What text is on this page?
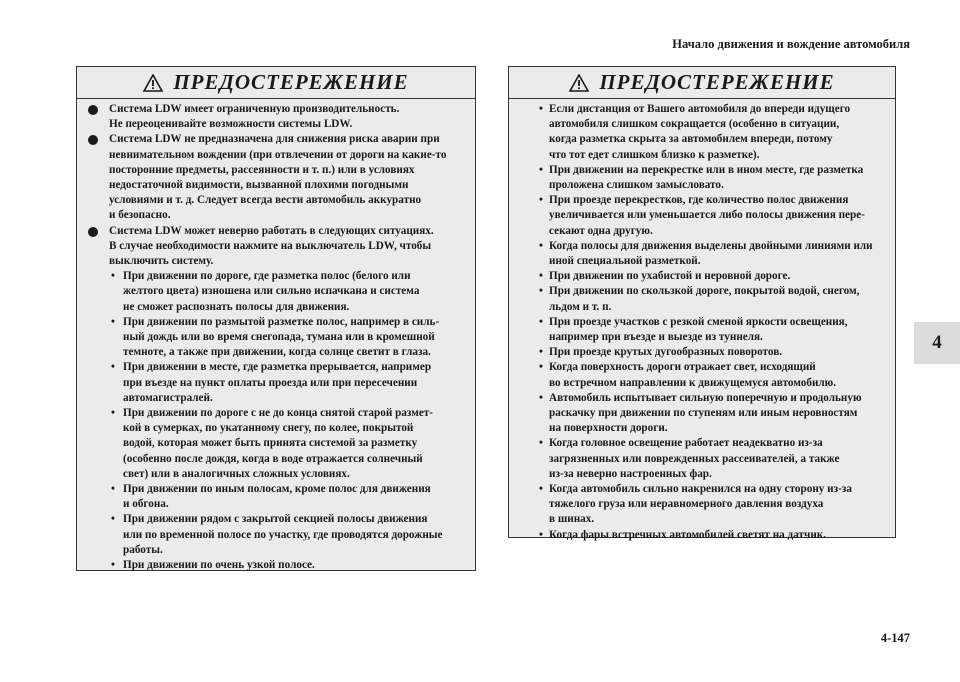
Начало движения и вождение автомобиля
4
4-147
ПРЕДОСТЕРЕЖЕНИЕ
Система LDW имеет ограниченную производительность.
Не переоценивайте возможности системы LDW.
Система LDW не предназначена для снижения риска аварии при
невнимательном вождении (при отвлечении от дороги на какие-то
посторонние предметы, рассеянности и т. п.) или в условиях
недостаточной видимости, вызванной плохими погодными
условиями и т. д. Следует всегда вести автомобиль аккуратно
и безопасно.
Система LDW может неверно работать в следующих ситуациях.
В случае необходимости нажмите на выключатель LDW, чтобы
выключить систему.
• При движении по дороге, где разметка полос (белого или
желтого цвета) изношена или сильно испачкана и система
не сможет распознать полосы для движения.
• При движении по размытой разметке полос, например в силь-
ный дождь или во время снегопада, тумана или в кромешной
темноте, а также при движении, когда солнце светит в глаза.
• При движении в месте, где разметка прерывается, например
при въезде на пункт оплаты проезда или при пересечении
автомагистралей.
• При движении по дороге с не до конца снятой старой размет-
кой в сумерках, по укатанному снегу, по колее, покрытой
водой, которая может быть принята системой за разметку
(особенно после дождя, когда в воде отражается солнечный
свет) или в аналогичных сложных условиях.
• При движении по иным полосам, кроме полос для движения
и обгона.
• При движении рядом с закрытой секцией полосы движения
или по временной полосе по участку, где проводятся дорожные
работы.
• При движении по очень узкой полосе.
ПРЕДОСТЕРЕЖЕНИЕ
• Если дистанция от Вашего автомобиля до впереди идущего
автомобиля слишком сокращается (особенно в ситуации,
когда разметка скрыта за автомобилем впереди, потому
что тот едет слишком близко к разметке).
• При движении на перекрестке или в ином месте, где разметка
проложена слишком замысловато.
• При проезде перекрестков, где количество полос движения
увеличивается или уменьшается либо полосы движения пере-
секают одна другую.
• Когда полосы для движения выделены двойными линиями или
иной специальной разметкой.
• При движении по ухабистой и неровной дороге.
• При движении по скользкой дороге, покрытой водой, снегом,
льдом и т. п.
• При проезде участков с резкой сменой яркости освещения,
например при въезде и выезде из туннеля.
• При проезде крутых дугообразных поворотов.
• Когда поверхность дороги отражает свет, исходящий
во встречном направлении к движущемуся автомобилю.
• Автомобиль испытывает сильную поперечную и продольную
раскачку при движении по ступеням или иным неровностям
на поверхности дороги.
• Когда головное освещение работает неадекватно из-за
загрязненных или поврежденных рассеивателей, а также
из-за неверно настроенных фар.
• Когда автомобиль сильно накренился на одну сторону из-за
тяжелого груза или неравномерного давления воздуха
в шинах.
• Когда фары встречных автомобилей светят на датчик.
